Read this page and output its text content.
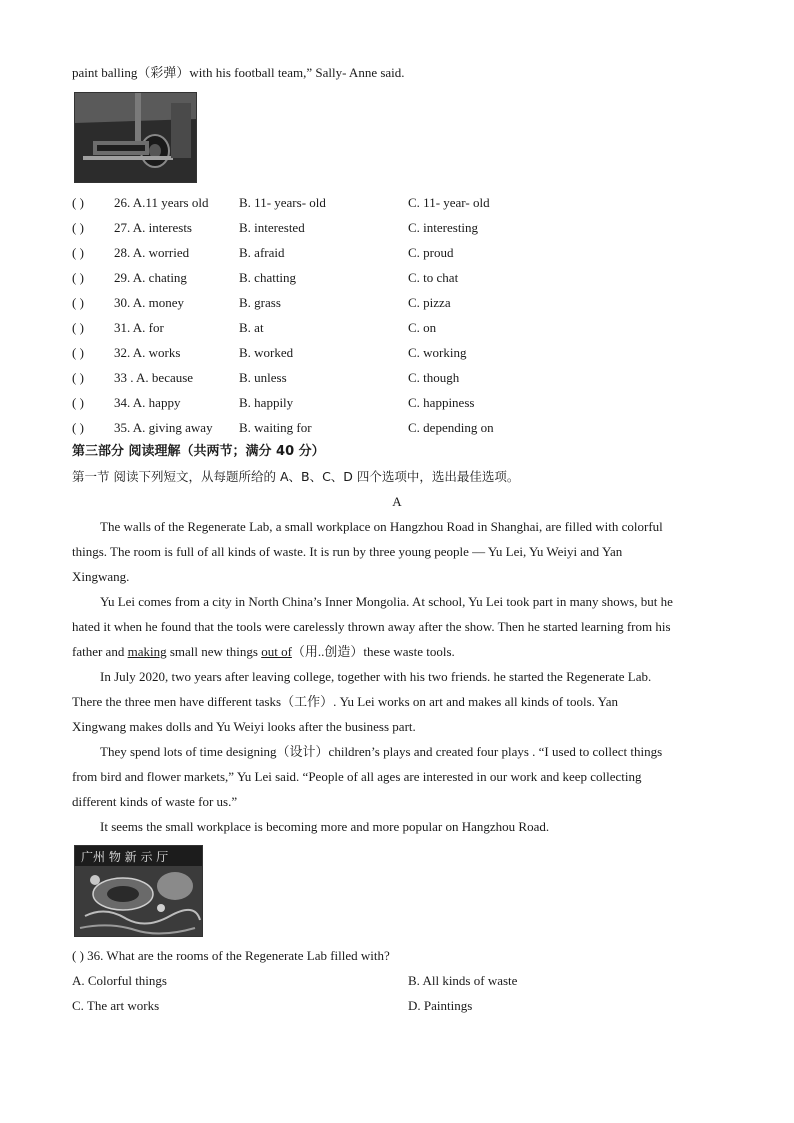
paint balling（彩弹）with his football team,” Sally- Anne said.
( ) 26. A.11 years old B. 11- years- old	C. 11- year- old
( ) 27. A. interests	B. interested	C. interesting
( ) 28. A. worried	B. afraid	C. proud
( ) 29. A. chating	B. chatting	C. to chat
( ) 30. A. money	B. grass	C. pizza
( ) 31. A. for	B. at	C. on
( ) 32. A. works	B. worked	C. working
( ) 33 . A. because	B. unless	C. though
( ) 34. A. happy	B. happily	C. happiness
( ) 35. A. giving away B. waiting for	C. depending on
第三部分 阅读理解（共两节；满分 40 分）
第一节 阅读下列短文，从每题所给的 A、B、C、D 四个选项中，选出最佳选项。
A
The walls of the Regenerate Lab, a small workplace on Hangzhou Road in Shanghai, are filled with colorful
things. The room is full of all kinds of waste. It is run by three young people — Yu Lei, Yu Weiyi and Yan
Xingwang.
Yu Lei comes from a city in North China’s Inner Mongolia. At school, Yu Lei took part in many shows, but he
hated it when he found that the tools were carelessly thrown away after the show. Then he started learning from his
father and making small new things out of（用..创造）these waste tools.
In July 2020, two years after leaving college, together with his two friends. he started the Regenerate Lab.
There the three men have different tasks（工作）. Yu Lei works on art and makes all kinds of tools. Yan
Xingwang makes dolls and Yu Weiyi looks after the business part.
They spend lots of time designing（设计）children’s plays and created four plays . “I used to collect things
from bird and flower markets,” Yu Lei said. “People of all ages are interested in our work and keep collecting
different kinds of waste for us.”
It seems the small workplace is becoming more and more popular on Hangzhou Road.
广州 物 新 示 厅
( ) 36. What are the rooms of the Regenerate Lab filled with?
A. Colorful things	B. All kinds of waste
C. The art works	D. Paintings
